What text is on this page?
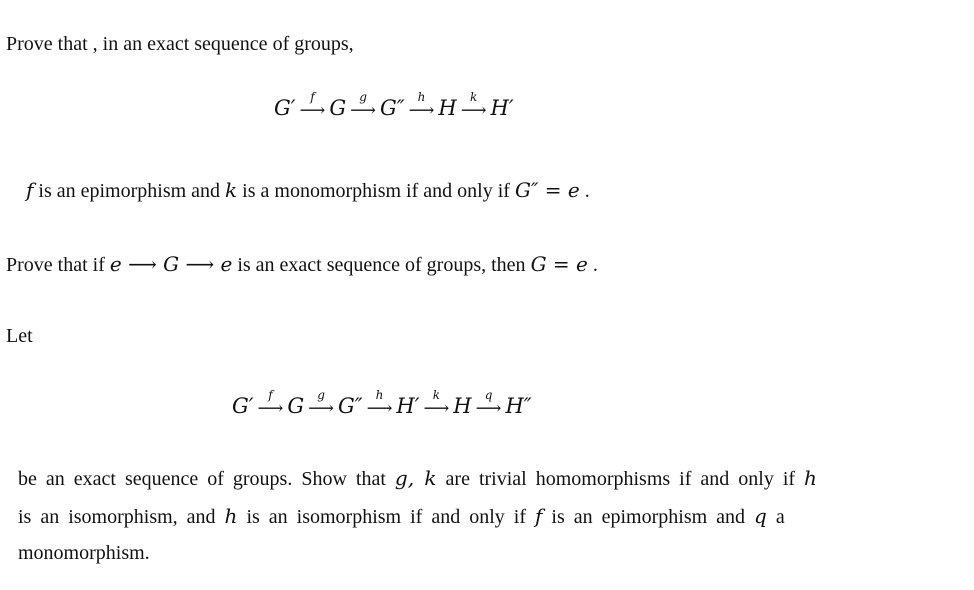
Prove that , in an exact sequence of groups,
G′ f
⟶ G g
⟶ G″ h
⟶ H k
⟶ H′
f is an epimorphism and k is a monomorphism if and only if G″ = e .
Prove that if e ⟶ G ⟶ e is an exact sequence of groups, then G = e .
Let
G′ f
⟶ G g
⟶ G″ h
⟶ H′ k
⟶ H q
⟶ H″
be an exact sequence of groups. Show that g, k are trivial homomorphisms if and only if h
is an isomorphism, and h is an isomorphism if and only if f is an epimorphism and q a
monomorphism.
